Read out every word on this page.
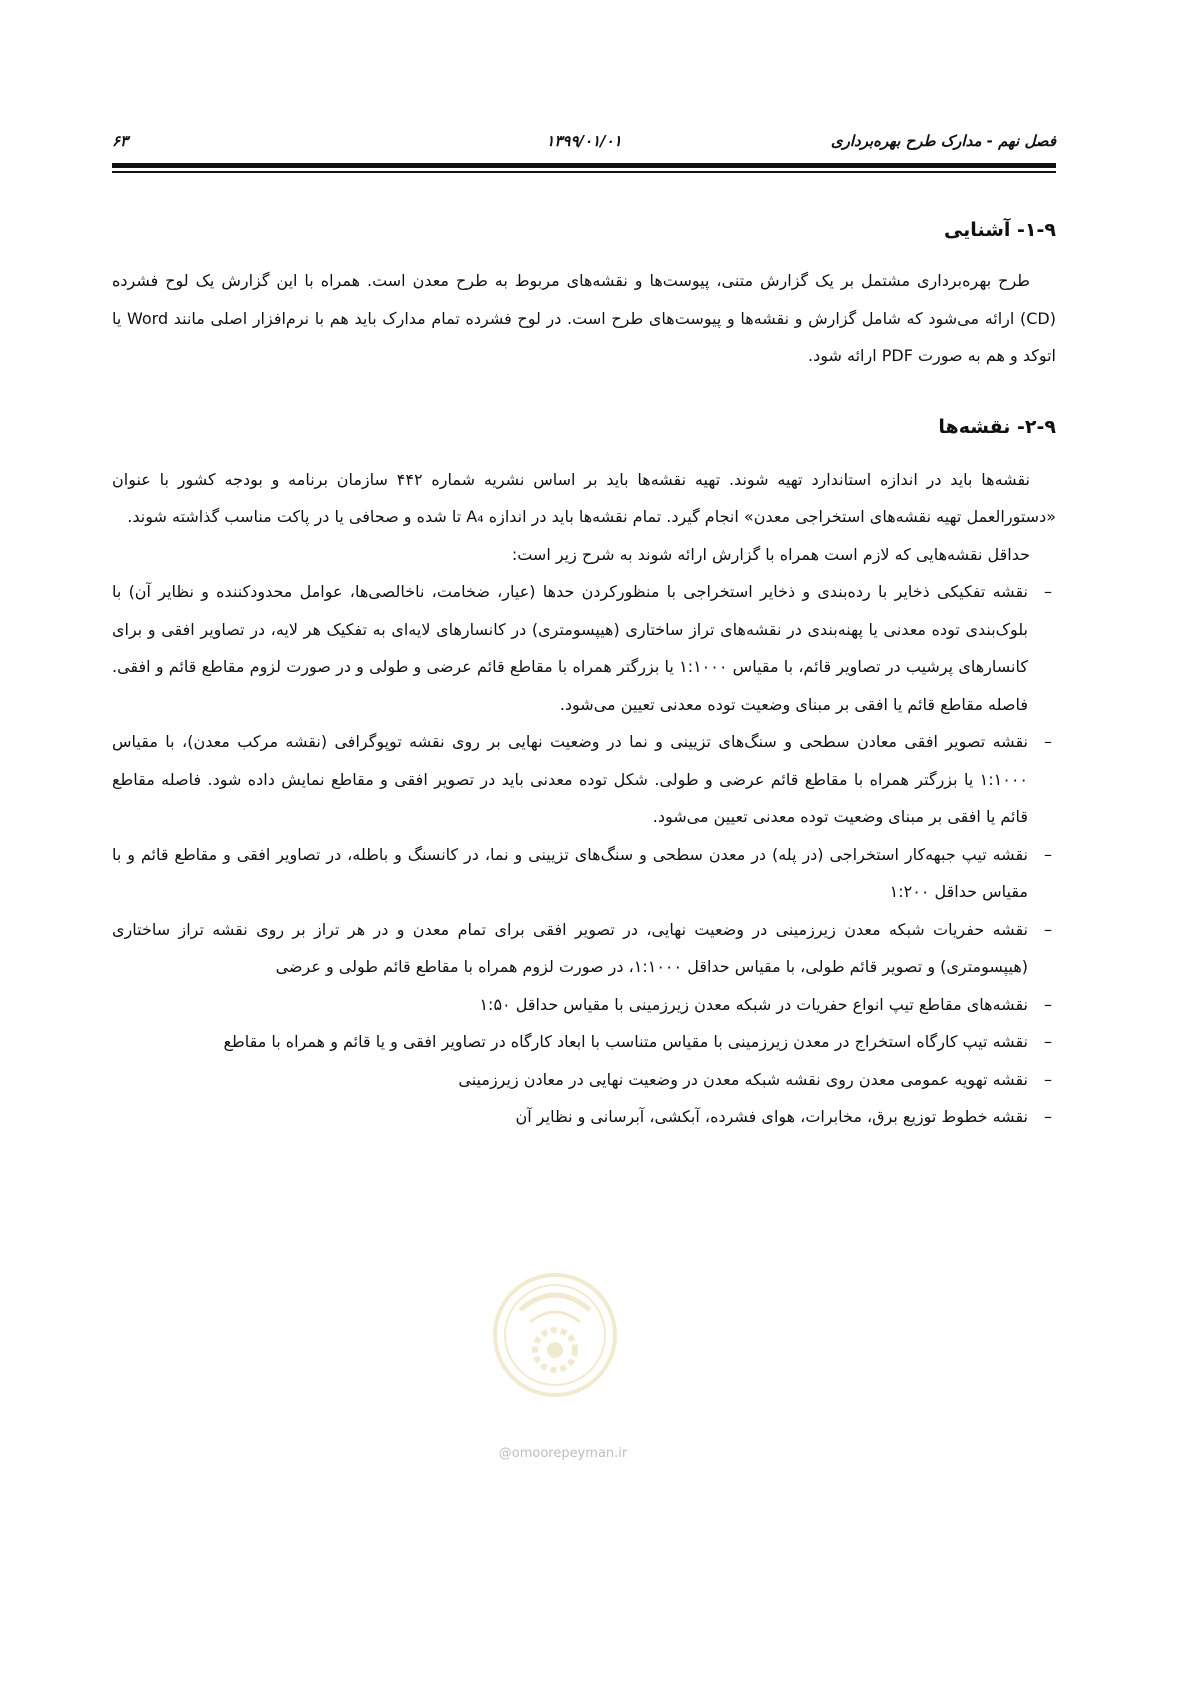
فصل نهم - مدارک طرح بهره‌برداری
۱۳۹۹/۰۱/۰۱
۶۳
۱-۹- آشنایی

طرح بهره‌برداری مشتمل بر یک گزارش متنی، پیوست‌ها و نقشه‌های مربوط به طرح معدن است. همراه با این گزارش یک لوح فشرده (CD) ارائه می‌شود که شامل گزارش و نقشه‌ها و پیوست‌های طرح است. در لوح فشرده تمام مدارک باید هم با نرم‌افزار اصلی مانند Word یا اتوکد و هم به صورت PDF ارائه شود.

۲-۹- نقشه‌ها

نقشه‌ها باید در اندازه استاندارد تهیه شوند. تهیه نقشه‌ها باید بر اساس نشریه شماره ۴۴۲ سازمان برنامه و بودجه کشور با عنوان «دستورالعمل تهیه نقشه‌های استخراجی معدن» انجام گیرد. تمام نقشه‌ها باید در اندازه A₄ تا شده و صحافی یا در پاکت مناسب گذاشته شوند.

حداقل نقشه‌هایی که لازم است همراه با گزارش ارائه شوند به شرح زیر است:

– نقشه تفکیکی ذخایر با رده‌بندی و ذخایر استخراجی با منظورکردن حدها (عیار، ضخامت، ناخالصی‌ها، عوامل محدودکننده و نظایر آن) با بلوک‌بندی توده معدنی یا پهنه‌بندی در نقشه‌های تراز ساختاری (هیپسومتری) در کانسارهای لایه‌ای به تفکیک هر لایه، در تصاویر افقی و برای کانسارهای پرشیب در تصاویر قائم، با مقیاس ۱:۱۰۰۰ یا بزرگتر همراه با مقاطع قائم عرضی و طولی و در صورت لزوم مقاطع قائم و افقی. فاصله مقاطع قائم یا افقی بر مبنای وضعیت توده معدنی تعیین می‌شود.
– نقشه تصویر افقی معادن سطحی و سنگ‌های تزیینی و نما در وضعیت نهایی بر روی نقشه توپوگرافی (نقشه مرکب معدن)، با مقیاس ۱:۱۰۰۰ یا بزرگتر همراه با مقاطع قائم عرضی و طولی. شکل توده معدنی باید در تصویر افقی و مقاطع نمایش داده شود. فاصله مقاطع قائم یا افقی بر مبنای وضعیت توده معدنی تعیین می‌شود.
– نقشه تیپ جبهه‌کار استخراجی (در پله) در معدن سطحی و سنگ‌های تزیینی و نما، در کانسنگ و باطله، در تصاویر افقی و مقاطع قائم و با مقیاس حداقل ۱:۲۰۰
– نقشه حفریات شبکه معدن زیرزمینی در وضعیت نهایی، در تصویر افقی برای تمام معدن و در هر تراز بر روی نقشه تراز ساختاری (هیپسومتری) و تصویر قائم طولی، با مقیاس حداقل ۱:۱۰۰۰، در صورت لزوم همراه با مقاطع قائم طولی و عرضی
– نقشه‌های مقاطع تیپ انواع حفریات در شبکه معدن زیرزمینی با مقیاس حداقل ۱:۵۰
– نقشه تیپ کارگاه استخراج در معدن زیرزمینی با مقیاس متناسب با ابعاد کارگاه در تصاویر افقی و یا قائم و همراه با مقاطع
– نقشه تهویه عمومی معدن روی نقشه شبکه معدن در وضعیت نهایی در معادن زیرزمینی
– نقشه خطوط توزیع برق، مخابرات، هوای فشرده، آبکشی، آبرسانی و نظایر آن
@omoorepeyman.ir
